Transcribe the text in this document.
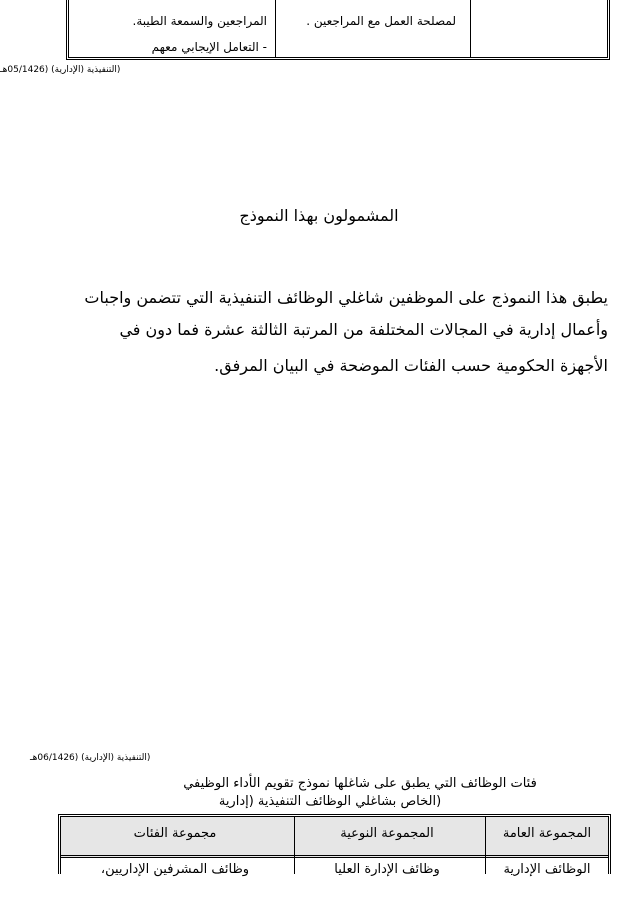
لمصلحة العمل مع المراجعين .
المراجعين والسمعة الطيبة.
- التعامل الإيجابي معهم
(التنفيذية (الإدارية) (05/1426هـ
المشمولون بهذا النموذج
يطبق هذا النموذج على الموظفين شاغلي الوظائف التنفيذية التي تتضمن واجبات
وأعمال إدارية في المجالات المختلفة من المرتبة الثالثة عشرة فما دون في
الأجهزة الحكومية حسب الفئات الموضحة في البيان المرفق.
(التنفيذية (الإدارية) (06/1426هـ
فئات الوظائف التي يطبق على شاغلها نموذج تقويم الأداء الوظيفي
(الخاص بشاغلي الوظائف التنفيذية (إدارية
المجموعة العامة
المجموعة النوعية
مجموعة الفئات
الوظائف الإدارية
وظائف الإدارة العليا
وظائف المشرفين الإداريين،
